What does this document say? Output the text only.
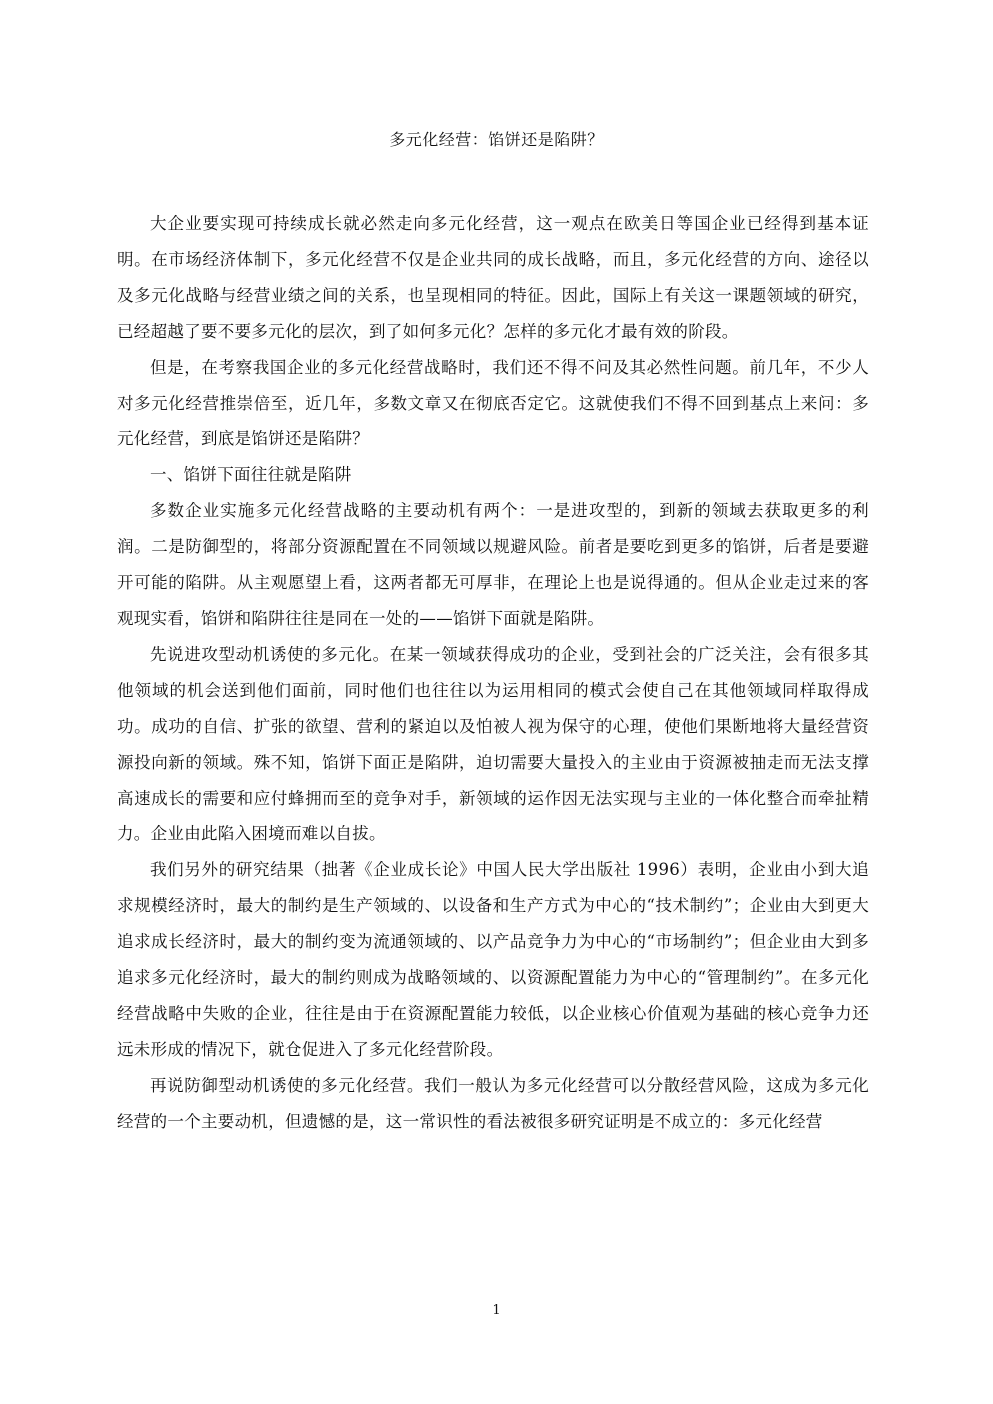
多元化经营：馅饼还是陷阱？

大企业要实现可持续成长就必然走向多元化经营，这一观点在欧美日等国企业已经得到基本证明。在市场经济体制下，多元化经营不仅是企业共同的成长战略，而且，多元化经营的方向、途径以及多元化战略与经营业绩之间的关系，也呈现相同的特征。因此，国际上有关这一课题领域的研究，已经超越了要不要多元化的层次，到了如何多元化？怎样的多元化才最有效的阶段。

但是，在考察我国企业的多元化经营战略时，我们还不得不问及其必然性问题。前几年，不少人对多元化经营推崇倍至，近几年，多数文章又在彻底否定它。这就使我们不得不回到基点上来问：多元化经营，到底是馅饼还是陷阱？

一、馅饼下面往往就是陷阱

多数企业实施多元化经营战略的主要动机有两个：一是进攻型的，到新的领域去获取更多的利润。二是防御型的，将部分资源配置在不同领域以规避风险。前者是要吃到更多的馅饼，后者是要避开可能的陷阱。从主观愿望上看，这两者都无可厚非，在理论上也是说得通的。但从企业走过来的客观现实看，馅饼和陷阱往往是同在一处的——馅饼下面就是陷阱。

先说进攻型动机诱使的多元化。在某一领域获得成功的企业，受到社会的广泛关注，会有很多其他领域的机会送到他们面前，同时他们也往往以为运用相同的模式会使自己在其他领域同样取得成功。成功的自信、扩张的欲望、营利的紧迫以及怕被人视为保守的心理，使他们果断地将大量经营资源投向新的领域。殊不知，馅饼下面正是陷阱，迫切需要大量投入的主业由于资源被抽走而无法支撑高速成长的需要和应付蜂拥而至的竞争对手，新领域的运作因无法实现与主业的一体化整合而牵扯精力。企业由此陷入困境而难以自拔。

我们另外的研究结果（拙著《企业成长论》中国人民大学出版社 1996）表明，企业由小到大追求规模经济时，最大的制约是生产领域的、以设备和生产方式为中心的“技术制约”；企业由大到更大追求成长经济时，最大的制约变为流通领域的、以产品竞争力为中心的“市场制约”；但企业由大到多追求多元化经济时，最大的制约则成为战略领域的、以资源配置能力为中心的“管理制约”。在多元化经营战略中失败的企业，往往是由于在资源配置能力较低，以企业核心价值观为基础的核心竞争力还远未形成的情况下，就仓促进入了多元化经营阶段。

再说防御型动机诱使的多元化经营。我们一般认为多元化经营可以分散经营风险，这成为多元化经营的一个主要动机，但遗憾的是，这一常识性的看法被很多研究证明是不成立的：多元化经营

1
